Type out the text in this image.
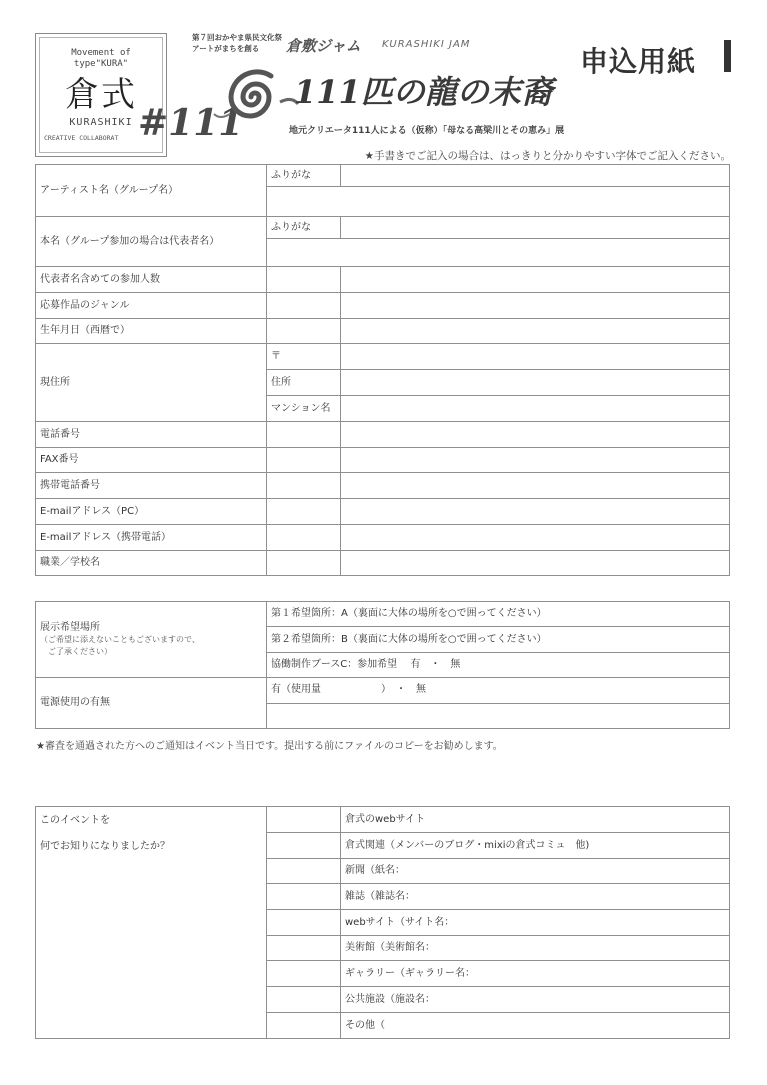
Movement of
type"KURA"
倉式
KURASHIKI
CREATIVE COLLABORAT #111
第７回おかやま県民文化祭
アートがまちを創る 倉敷ジャム KURASHIKI JAM
111匹の龍の末裔
地元クリエータ111人による（仮称）「母なる高梁川とその恵み」展
申込用紙
★手書きでご記入の場合は、はっきりと分かりやすい字体でご記入ください。
アーティスト名（グループ名）	ふりがな	

本名（グループ参加の場合は代表者名）	ふりがな	

代表者名含めての参加人数		
応募作品のジャンル		
生年月日（西暦で）		
現住所	〒	
	住所	
	マンション名	
電話番号		
FAX番号		
携帯電話番号		
E-mailアドレス（PC）		
E-mailアドレス（携帯電話）		
職業／学校名		
展示希望場所
（ご希望に添えないこともございますので、
ご了承ください）	第１希望箇所：A（裏面に大体の場所を○で囲ってください）
	第２希望箇所：B（裏面に大体の場所を○で囲ってください）
	協働制作ブースC：参加希望　 有　・　無
電源使用の有無	有（使用量　　　　　　）　・　無

★審査を通過された方へのご通知はイベント当日です。提出する前にファイルのコピーをお勧めします。
このイベントを
何でお知りになりましたか？		倉式のwebサイト
		倉式関連（メンバーのブログ・mixiの倉式コミュ　他)
		新聞（紙名：
		雑誌（雑誌名：
		webサイト（サイト名：
		美術館（美術館名：
		ギャラリー（ギャラリー名：
		公共施設（施設名：
		その他（
